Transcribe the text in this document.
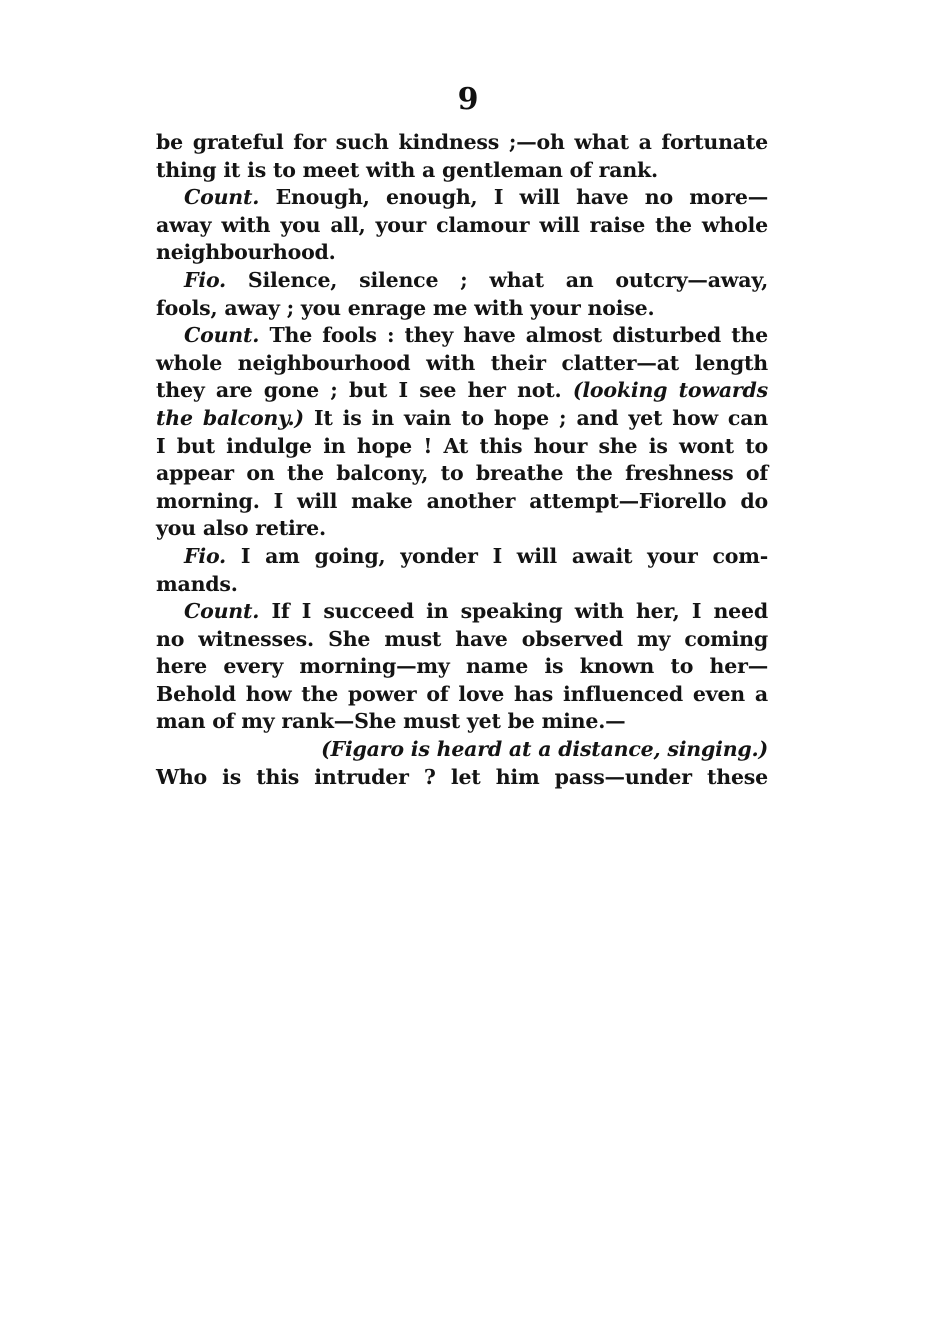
9
be grateful for such kindness ;—oh what a fortunate
thing it is to meet with a gentleman of rank.
Count. Enough, enough, I will have no more—
away with you all, your clamour will raise the whole
neighbourhood.
Fio. Silence, silence ; what an outcry—away,
fools, away ; you enrage me with your noise.
Count. The fools : they have almost disturbed the
whole neighbourhood with their clatter—at length
they are gone ; but I see her not. (looking towards
the balcony.) It is in vain to hope ; and yet how can
I but indulge in hope ! At this hour she is wont to
appear on the balcony, to breathe the freshness of
morning. I will make another attempt—Fiorello do
you also retire.
Fio. I am going, yonder I will await your com-
mands.
Count. If I succeed in speaking with her, I need
no witnesses. She must have observed my coming
here every morning—my name is known to her—
Behold how the power of love has influenced even a
man of my rank—She must yet be mine.—
(Figaro is heard at a distance, singing.)
Who is this intruder ? let him pass—under these
